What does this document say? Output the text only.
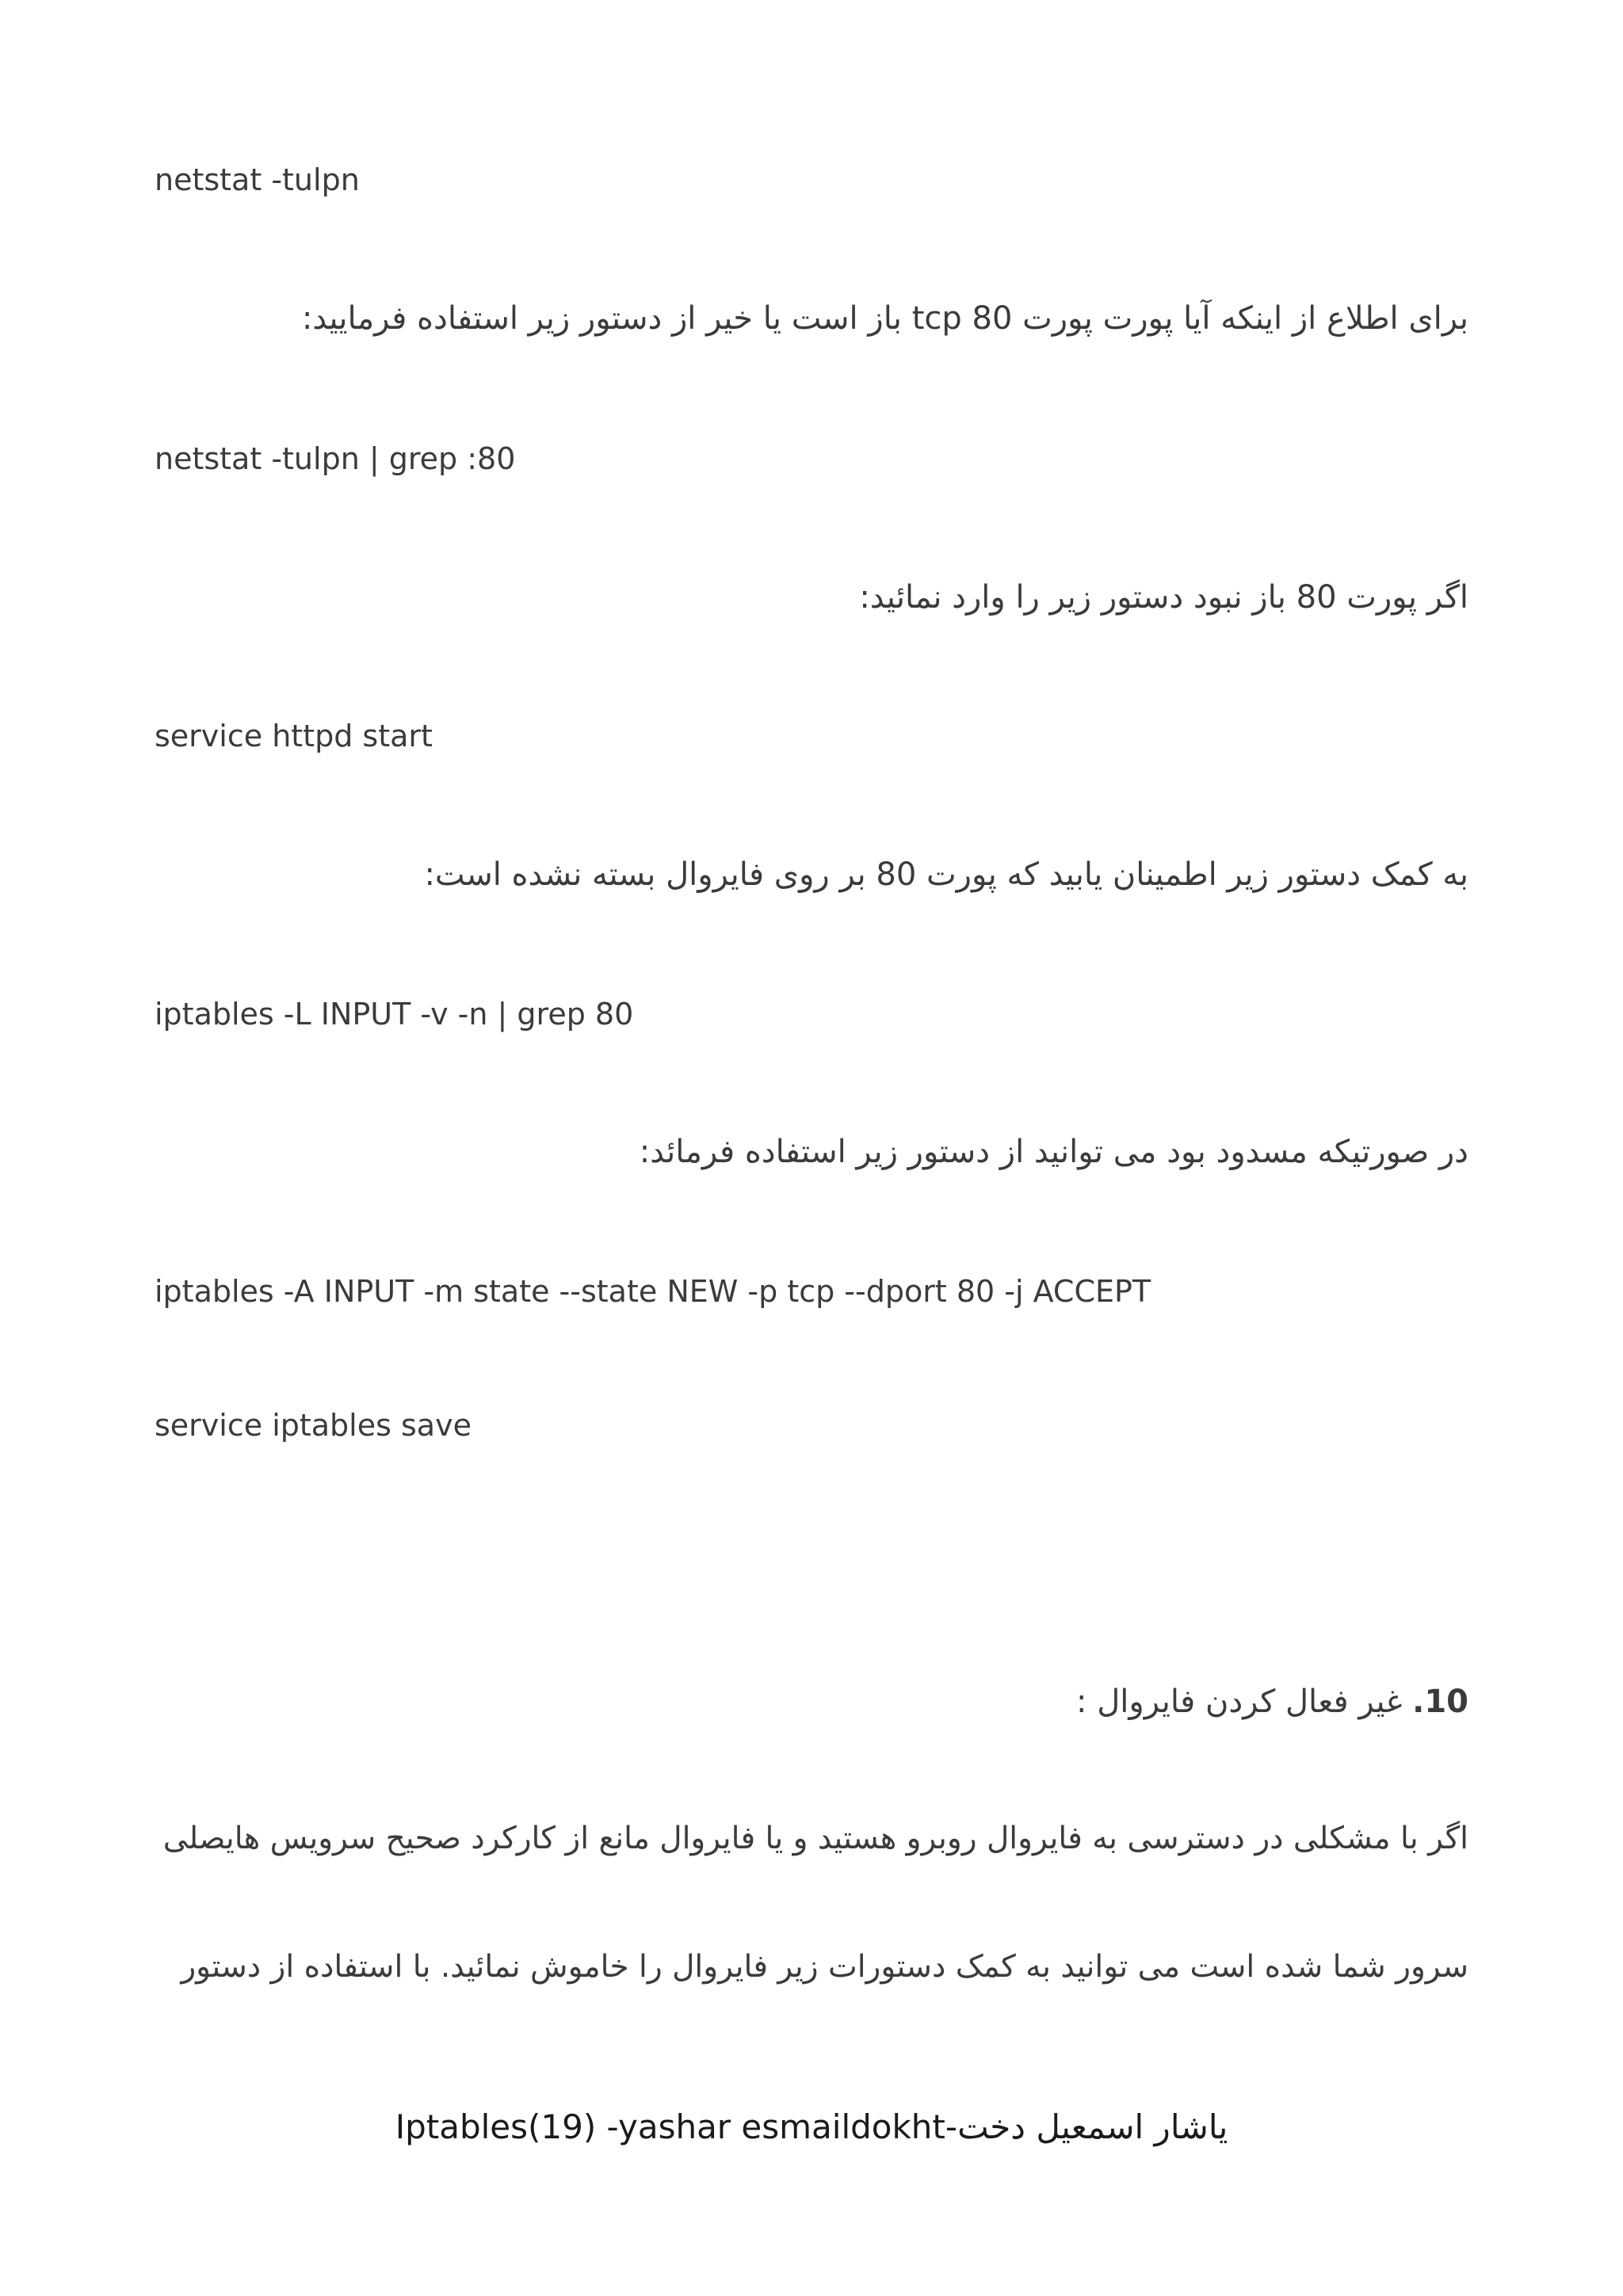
netstat -tulpn
برای اطلاع از اینکه آیا پورت پورت tcp 80 باز است یا خیر از دستور زیر استفاده فرمایید:
netstat -tulpn | grep :80
اگر پورت 80 باز نبود دستور زیر را وارد نمائید:
service httpd start
به کمک دستور زیر اطمینان یابید که پورت 80 بر روی فایروال بسته نشده است:
iptables -L INPUT -v -n | grep 80
در صورتیکه مسدود بود می توانید از دستور زیر استفاده فرمائد:
iptables -A INPUT -m state --state NEW -p tcp --dport 80 -j ACCEPT
service iptables save
10. غیر فعال کردن فایروال :
اگر با مشکلی در دسترسی به فایروال روبرو هستید و یا فایروال مانع از کارکرد صحیح سرویس هایصلی
سرور شما شده است می توانید به کمک دستورات زیر فایروال را خاموش نمائید. با استفاده از دستور
Iptables(19) -yashar esmaildokht-یاشار اسمعیل دخت
